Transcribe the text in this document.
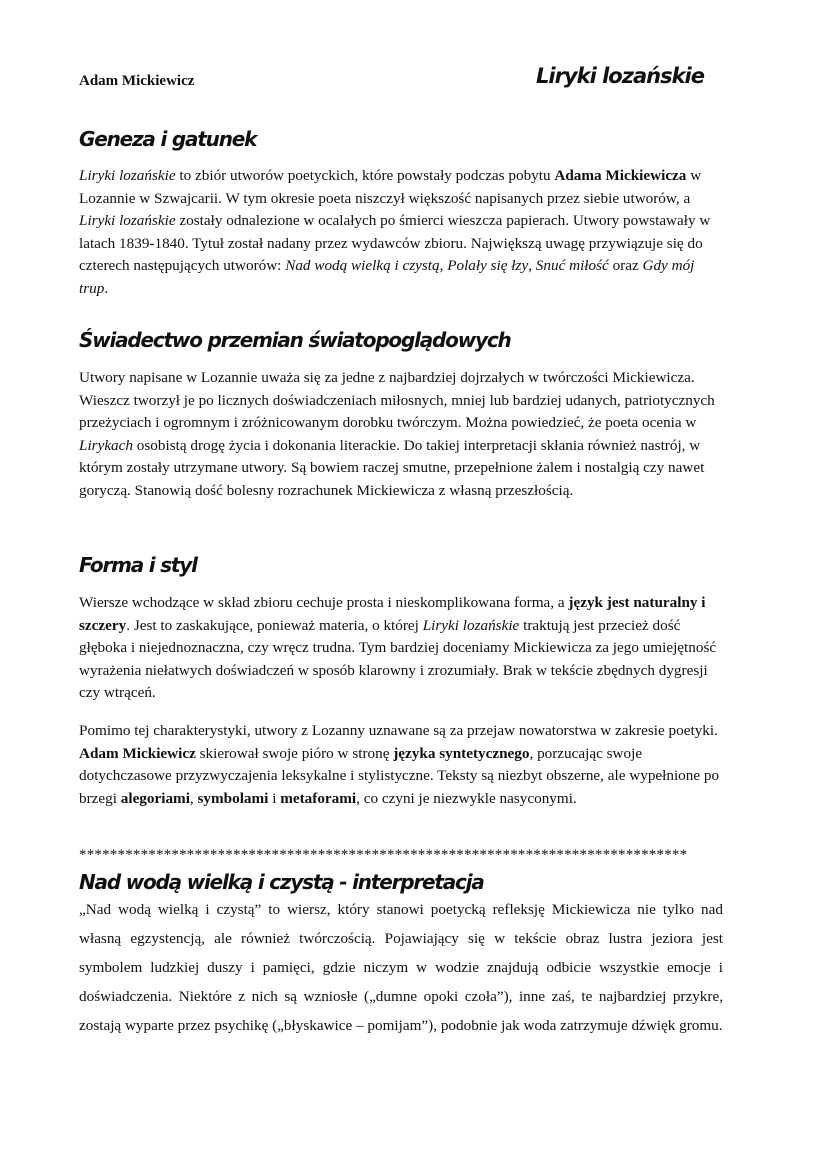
Adam Mickiewicz	Liryki lozańskie
Geneza i gatunek

Liryki lozańskie to zbiór utworów poetyckich, które powstały podczas pobytu Adama Mickiewicza w Lozannie w Szwajcarii. W tym okresie poeta niszczył większość napisanych przez siebie utworów, a Liryki lozańskie zostały odnalezione w ocalałych po śmierci wieszcza papierach. Utwory powstawały w latach 1839-1840. Tytuł został nadany przez wydawców zbioru. Największą uwagę przywiązuje się do czterech następujących utworów: Nad wodą wielką i czystą, Polały się łzy, Snuć miłość oraz Gdy mój trup.

Świadectwo przemian światopoglądowych

Utwory napisane w Lozannie uważa się za jedne z najbardziej dojrzałych w twórczości Mickiewicza. Wieszcz tworzył je po licznych doświadczeniach miłosnych, mniej lub bardziej udanych, patriotycznych przeżyciach i ogromnym i zróżnicowanym dorobku twórczym. Można powiedzieć, że poeta ocenia w Lirykach osobistą drogę życia i dokonania literackie. Do takiej interpretacji skłania również nastrój, w którym zostały utrzymane utwory. Są bowiem raczej smutne, przepełnione żalem i nostalgią czy nawet goryczą. Stanowią dość bolesny rozrachunek Mickiewicza z własną przeszłością.

Forma i styl

Wiersze wchodzące w skład zbioru cechuje prosta i nieskomplikowana forma, a język jest naturalny i szczery. Jest to zaskakujące, ponieważ materia, o której Liryki lozańskie traktują jest przecież dość głęboka i niejednoznaczna, czy wręcz trudna. Tym bardziej doceniamy Mickiewicza za jego umiejętność wyrażenia niełatwych doświadczeń w sposób klarowny i zrozumiały. Brak w tekście zbędnych dygresji czy wtrąceń.

Pomimo tej charakterystyki, utwory z Lozanny uznawane są za przejaw nowatorstwa w zakresie poetyki. Adam Mickiewicz skierował swoje pióro w stronę języka syntetycznego, porzucając swoje dotychczasowe przyzwyczajenia leksykalne i stylistyczne. Teksty są niezbyt obszerne, ale wypełnione po brzegi alegoriami, symbolami i metaforami, co czyni je niezwykle nasyconymi.

*******************************************************************************
Nad wodą wielką i czystą - interpretacja

„Nad wodą wielką i czystą” to wiersz, który stanowi poetycką refleksję Mickiewicza nie tylko nad własną egzystencją, ale również twórczością. Pojawiający się w tekście obraz lustra jeziora jest symbolem ludzkiej duszy i pamięci, gdzie niczym w wodzie znajdują odbicie wszystkie emocje i doświadczenia. Niektóre z nich są wzniosłe („dumne opoki czoła”), inne zaś, te najbardziej przykre, zostają wyparte przez psychikę („błyskawice – pomijam”), podobnie jak woda zatrzymuje dźwięk gromu.
